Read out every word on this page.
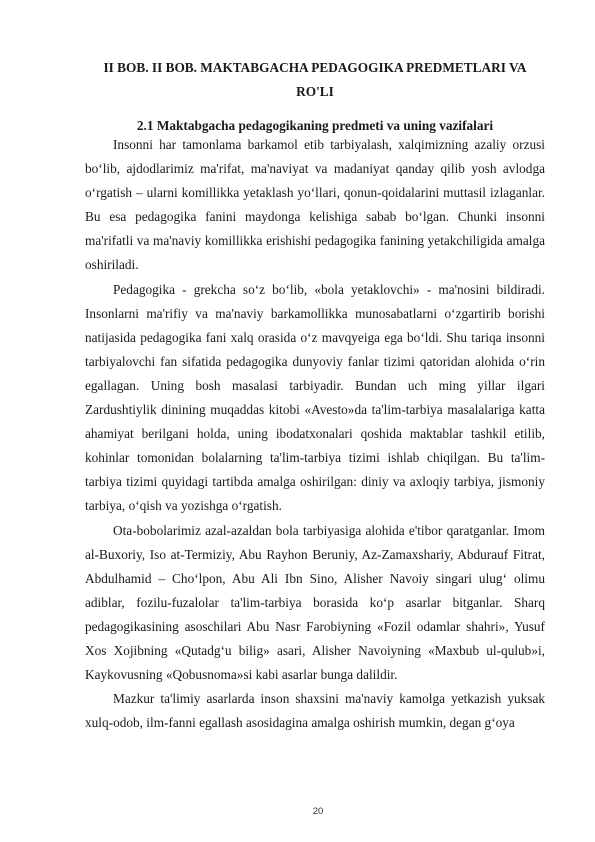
II BOB. II BOB. MAKTABGACHA PEDAGOGIKA PREDMETLARI VA RO'LI
2.1 Maktabgacha pedagogikaning predmeti va uning vazifalari

Insonni har tamonlama barkamol etib tarbiyalash, xalqimizning azaliy orzusi bo‘lib, ajdodlarimiz ma'rifat, ma'naviyat va madaniyat qanday qilib yosh avlodga o‘rgatish – ularni komillikka yetaklash yo‘llari, qonun-qoidalarini muttasil izlaganlar. Bu esa pedagogika fanini maydonga kelishiga sabab bo‘lgan. Chunki insonni ma'rifatli va ma'naviy komillikka erishishi pedagogika fanining yetakchiligida amalga oshiriladi.

Pedagogika - grekcha so‘z bo‘lib, «bola yetaklovchi» - ma'nosini bildiradi. Insonlarni ma'rifiy va ma'naviy barkamollikka munosabatlarni o‘zgartirib borishi natijasida pedagogika fani xalq orasida o‘z mavqyeiga ega bo‘ldi. Shu tariqa insonni tarbiyalovchi fan sifatida pedagogika dunyoviy fanlar tizimi qatoridan alohida o‘rin egallagan. Uning bosh masalasi tarbiyadir. Bundan uch ming yillar ilgari Zardushtiylik dinining muqaddas kitobi «Avesto»da ta'lim-tarbiya masalalariga katta ahamiyat berilgani holda, uning ibodatxonalari qoshida maktablar tashkil etilib, kohinlar tomonidan bolalarning ta'lim-tarbiya tizimi ishlab chiqilgan. Bu ta'lim-tarbiya tizimi quyidagi tartibda amalga oshirilgan: diniy va axloqiy tarbiya, jismoniy tarbiya, o‘qish va yozishga o‘rgatish.

Ota-bobolarimiz azal-azaldan bola tarbiyasiga alohida e'tibor qaratganlar. Imom al-Buxoriy, Iso at-Termiziy, Abu Rayhon Beruniy, Az-Zamaxshariy, Abdurauf Fitrat, Abdulhamid – Cho‘lpon, Abu Ali Ibn Sino, Alisher Navoiy singari ulug‘ olimu adiblar, fozilu-fuzalolar ta'lim-tarbiya borasida ko‘p asarlar bitganlar. Sharq pedagogikasining asoschilari Abu Nasr Farobiyning «Fozil odamlar shahri», Yusuf Xos Xojibning «Qutadg‘u bilig» asari, Alisher Navoiyning «Maxbub ul-qulub»i, Kaykovusning «Qobusnoma»si kabi asarlar bunga dalildir.

Mazkur ta'limiy asarlarda inson shaxsini ma'naviy kamolga yetkazish yuksak xulq-odob, ilm-fanni egallash asosidagina amalga oshirish mumkin, degan g‘oya

20
